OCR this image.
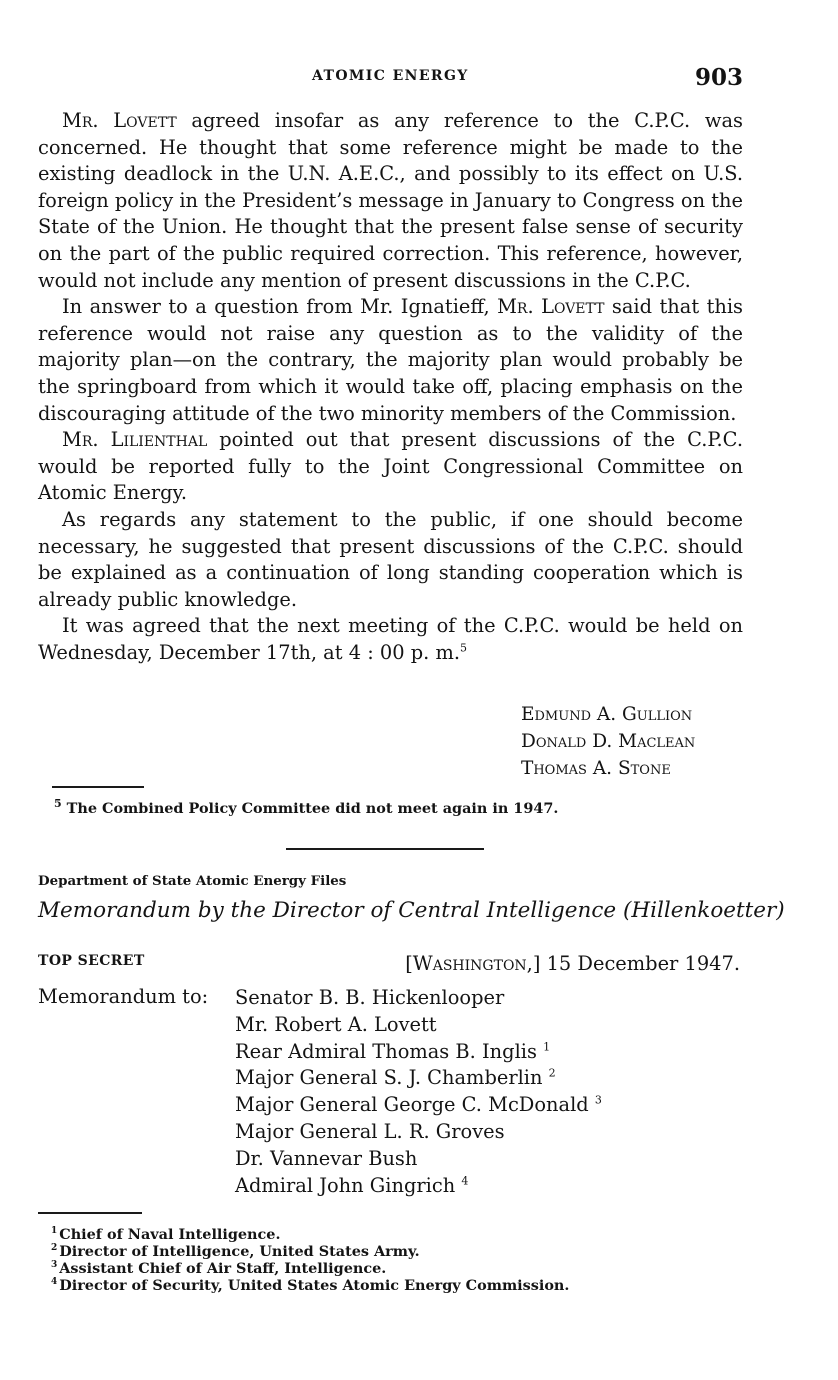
ATOMIC ENERGY	903

Mr. Lovett agreed insofar as any reference to the C.P.C. was concerned. He thought that some reference might be made to the existing deadlock in the U.N. A.E.C., and possibly to its effect on U.S. foreign policy in the President’s message in January to Congress on the State of the Union. He thought that the present false sense of security on the part of the public required correction. This reference, however, would not include any mention of present discussions in the C.P.C.

In answer to a question from Mr. Ignatieff, Mr. Lovett said that this reference would not raise any question as to the validity of the majority plan—on the contrary, the majority plan would probably be the springboard from which it would take off, placing emphasis on the discouraging attitude of the two minority members of the Commission.

Mr. Lilienthal pointed out that present discussions of the C.P.C. would be reported fully to the Joint Congressional Committee on Atomic Energy.

As regards any statement to the public, if one should become necessary, he suggested that present discussions of the C.P.C. should be explained as a continuation of long standing cooperation which is already public knowledge.

It was agreed that the next meeting of the C.P.C. would be held on Wednesday, December 17th, at 4 : 00 p. m.$^5$

Edmund A. Gullion
Donald D. Maclean
Thomas A. Stone
$^5$ The Combined Policy Committee did not meet again in 1947.
Department of State Atomic Energy Files
Memorandum by the Director of Central Intelligence (Hillenkoetter)
TOP SECRET	[Washington,] 15 December 1947.
Memorandum to: Senator B. B. Hickenlooper
Mr. Robert A. Lovett
Rear Admiral Thomas B. Inglis $^1$
Major General S. J. Chamberlin $^2$
Major General George C. McDonald $^3$
Major General L. R. Groves
Dr. Vannevar Bush
Admiral John Gingrich $^4$
$^1$ Chief of Naval Intelligence.
$^2$ Director of Intelligence, United States Army.
$^3$ Assistant Chief of Air Staff, Intelligence.
$^4$ Director of Security, United States Atomic Energy Commission.
